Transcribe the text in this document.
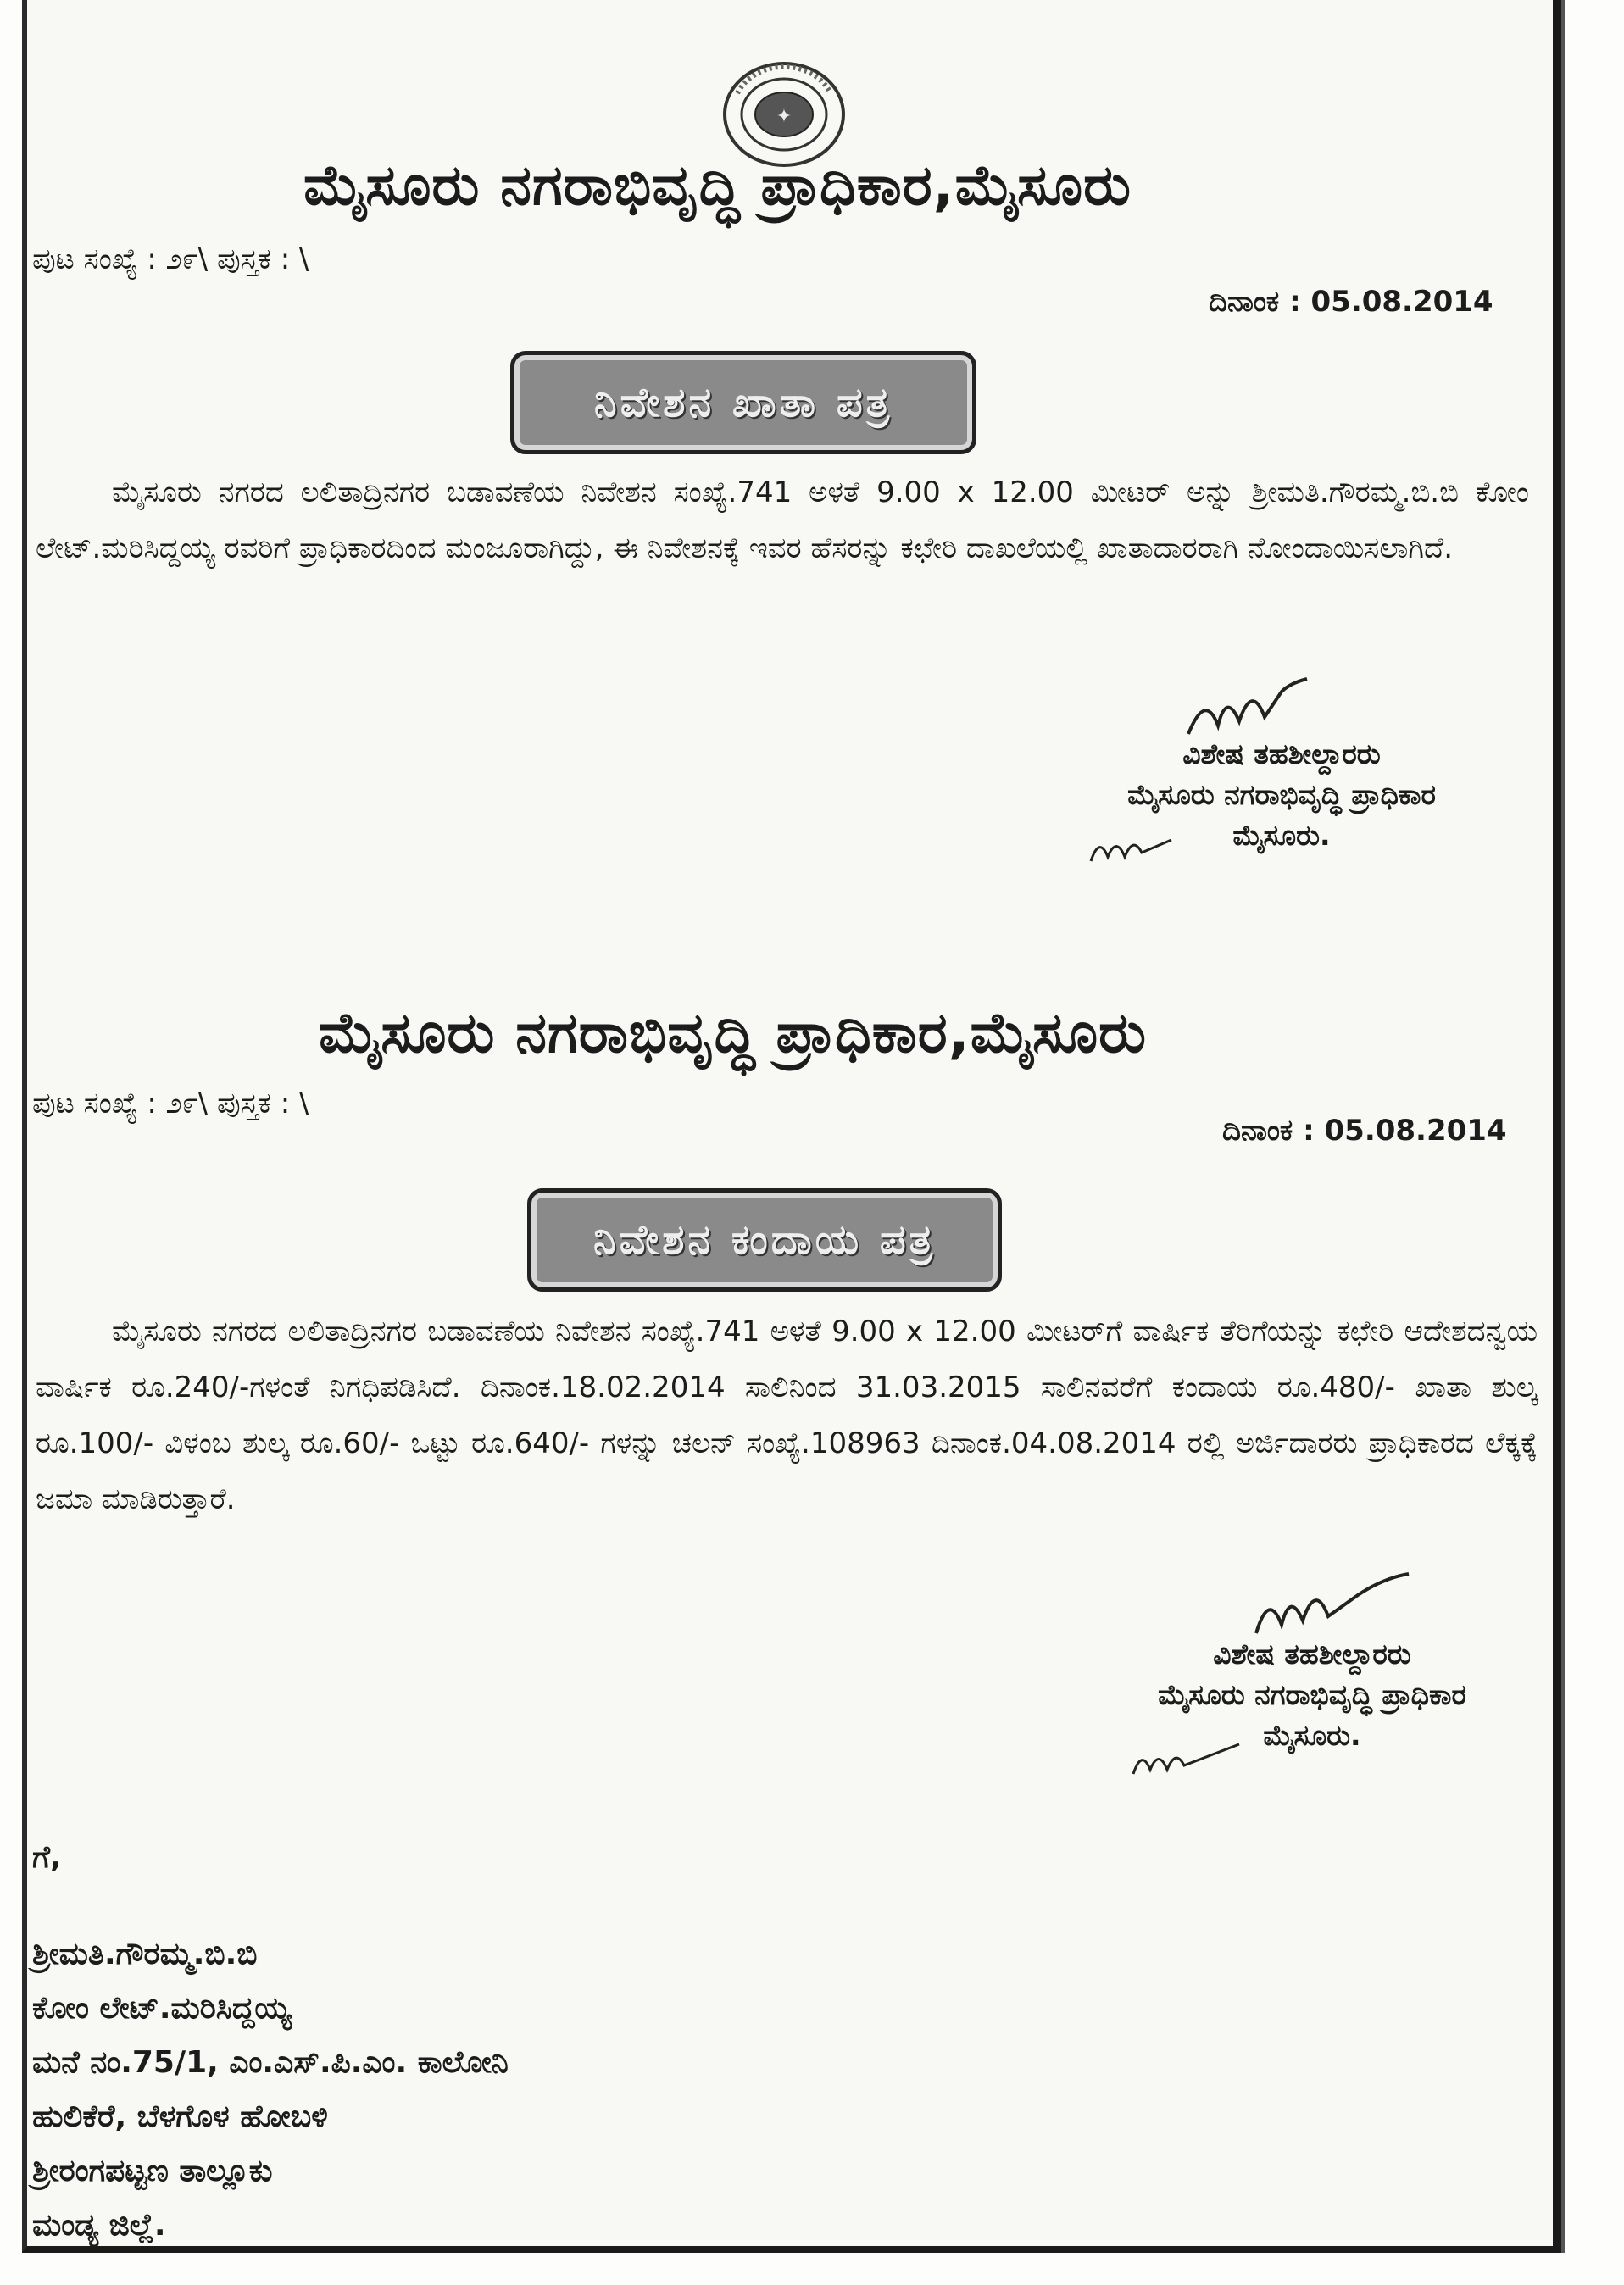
✦
ಮೈಸೂರು ನಗರಾಭಿವೃದ್ಧಿ ಪ್ರಾಧಿಕಾರ,ಮೈಸೂರು
ಪುಟ ಸಂಖ್ಯೆ : ೨೯\ ಪುಸ್ತಕ : \
ದಿನಾಂಕ : 05.08.2014
ನಿವೇಶನ ಖಾತಾ ಪತ್ರ
ಮೈಸೂರು ನಗರದ ಲಲಿತಾದ್ರಿನಗರ ಬಡಾವಣೆಯ ನಿವೇಶನ ಸಂಖ್ಯೆ.741 ಅಳತೆ 9.00 x 12.00 ಮೀಟರ್ ಅನ್ನು ಶ್ರೀಮತಿ.ಗೌರಮ್ಮ.ಬಿ.ಬಿ ಕೋಂ ಲೇಟ್.ಮರಿಸಿದ್ದಯ್ಯ ರವರಿಗೆ ಪ್ರಾಧಿಕಾರದಿಂದ ಮಂಜೂರಾಗಿದ್ದು, ಈ ನಿವೇಶನಕ್ಕೆ ಇವರ ಹೆಸರನ್ನು ಕಛೇರಿ ದಾಖಲೆಯಲ್ಲಿ ಖಾತಾದಾರರಾಗಿ ನೋಂದಾಯಿಸಲಾಗಿದೆ.
ವಿಶೇಷ ತಹಶೀಲ್ದಾರರು
ಮೈಸೂರು ನಗರಾಭಿವೃದ್ಧಿ ಪ್ರಾಧಿಕಾರ
ಮೈಸೂರು.
ಮೈಸೂರು ನಗರಾಭಿವೃದ್ಧಿ ಪ್ರಾಧಿಕಾರ,ಮೈಸೂರು
ಪುಟ ಸಂಖ್ಯೆ : ೨೯\ ಪುಸ್ತಕ : \
ದಿನಾಂಕ : 05.08.2014
ನಿವೇಶನ ಕಂದಾಯ ಪತ್ರ
ಮೈಸೂರು ನಗರದ ಲಲಿತಾದ್ರಿನಗರ ಬಡಾವಣೆಯ ನಿವೇಶನ ಸಂಖ್ಯೆ.741 ಅಳತೆ 9.00 x 12.00 ಮೀಟರ್‌ಗೆ ವಾರ್ಷಿಕ ತೆರಿಗೆಯನ್ನು ಕಛೇರಿ ಆದೇಶದನ್ವಯ ವಾರ್ಷಿಕ ರೂ.240/-ಗಳಂತೆ ನಿಗಧಿಪಡಿಸಿದೆ. ದಿನಾಂಕ.18.02.2014 ಸಾಲಿನಿಂದ 31.03.2015 ಸಾಲಿನವರೆಗೆ ಕಂದಾಯ ರೂ.480/- ಖಾತಾ ಶುಲ್ಕ ರೂ.100/- ವಿಳಂಬ ಶುಲ್ಕ ರೂ.60/- ಒಟ್ಟು ರೂ.640/- ಗಳನ್ನು ಚಲನ್ ಸಂಖ್ಯೆ.108963 ದಿನಾಂಕ.04.08.2014 ರಲ್ಲಿ ಅರ್ಜಿದಾರರು ಪ್ರಾಧಿಕಾರದ ಲೆಕ್ಕಕ್ಕೆ ಜಮಾ ಮಾಡಿರುತ್ತಾರೆ.
ವಿಶೇಷ ತಹಶೀಲ್ದಾರರು
ಮೈಸೂರು ನಗರಾಭಿವೃದ್ಧಿ ಪ್ರಾಧಿಕಾರ
ಮೈಸೂರು.
ಗೆ,
ಶ್ರೀಮತಿ.ಗೌರಮ್ಮ.ಬಿ.ಬಿ
ಕೋಂ ಲೇಟ್.ಮರಿಸಿದ್ದಯ್ಯ
ಮನೆ ನಂ.75/1, ಎಂ.ಎಸ್.ಪಿ.ಎಂ. ಕಾಲೋನಿ
ಹುಲಿಕೆರೆ, ಬೆಳಗೊಳ ಹೋಬಳಿ
ಶ್ರೀರಂಗಪಟ್ಟಣ ತಾಲ್ಲೂಕು
ಮಂಡ್ಯ ಜಿಲ್ಲೆ.
